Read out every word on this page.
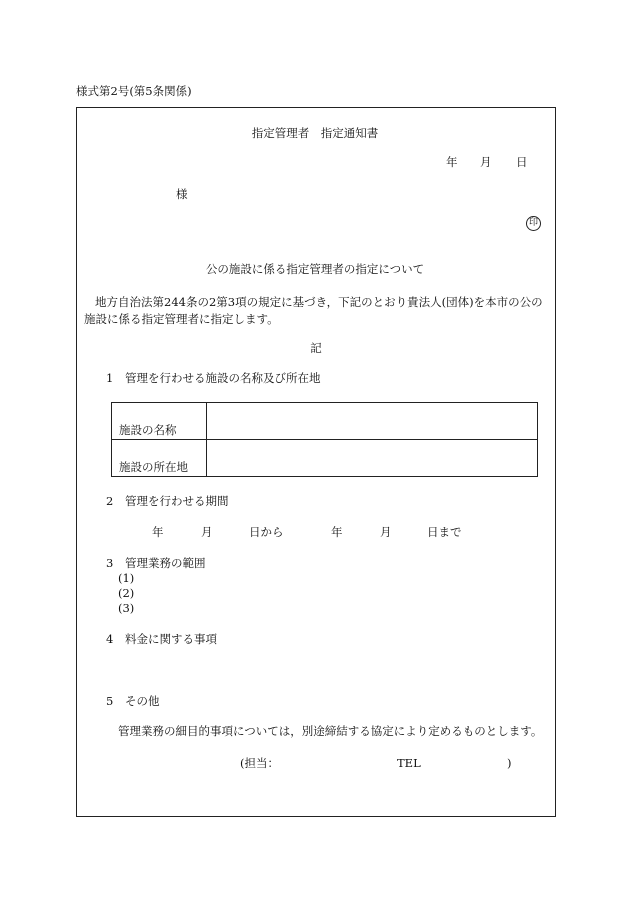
様式第2号(第5条関係)
指定管理者　指定通知書
年 月 日
様
印
公の施設に係る指定管理者の指定について
地方自治法第244条の2第3項の規定に基づき，下記のとおり貴法人(団体)を本市の公の施設に係る指定管理者に指定します。
記
1 管理を行わせる施設の名称及び所在地
施設の名称	
施設の所在地	
2 管理を行わせる期間
年	月	日から	年	月	日まで
3 管理業務の範囲
(1)
(2)
(3)
4 料金に関する事項
5 その他
管理業務の細目的事項については，別途締結する協定により定めるものとします。
(担当：	TEL	)
